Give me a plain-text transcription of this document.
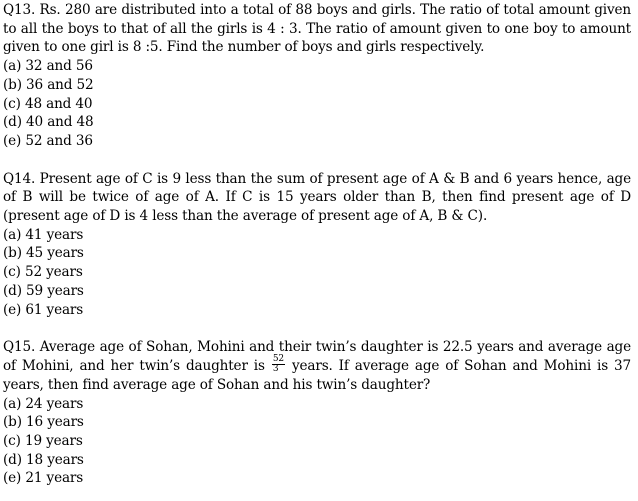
Q13. Rs. 280 are distributed into a total of 88 boys and girls. The ratio of total amount given to all the boys to that of all the girls is 4 : 3. The ratio of amount given to one boy to amount given to one girl is 8 :5. Find the number of boys and girls respectively.
(a) 32 and 56
(b) 36 and 52
(c) 48 and 40
(d) 40 and 48
(e) 52 and 36
Q14. Present age of C is 9 less than the sum of present age of A & B and 6 years hence, age of B will be twice of age of A. If C is 15 years older than B, then find present age of D (present age of D is 4 less than the average of present age of A, B & C).
(a) 41 years
(b) 45 years
(c) 52 years
(d) 59 years
(e) 61 years
Q15. Average age of Sohan, Mohini and their twin’s daughter is 22.5 years and average age of Mohini, and her twin’s daughter is $\frac{52}{3}$ years. If average age of Sohan and Mohini is 37 years, then find average age of Sohan and his twin’s daughter?
(a) 24 years
(b) 16 years
(c) 19 years
(d) 18 years
(e) 21 years
